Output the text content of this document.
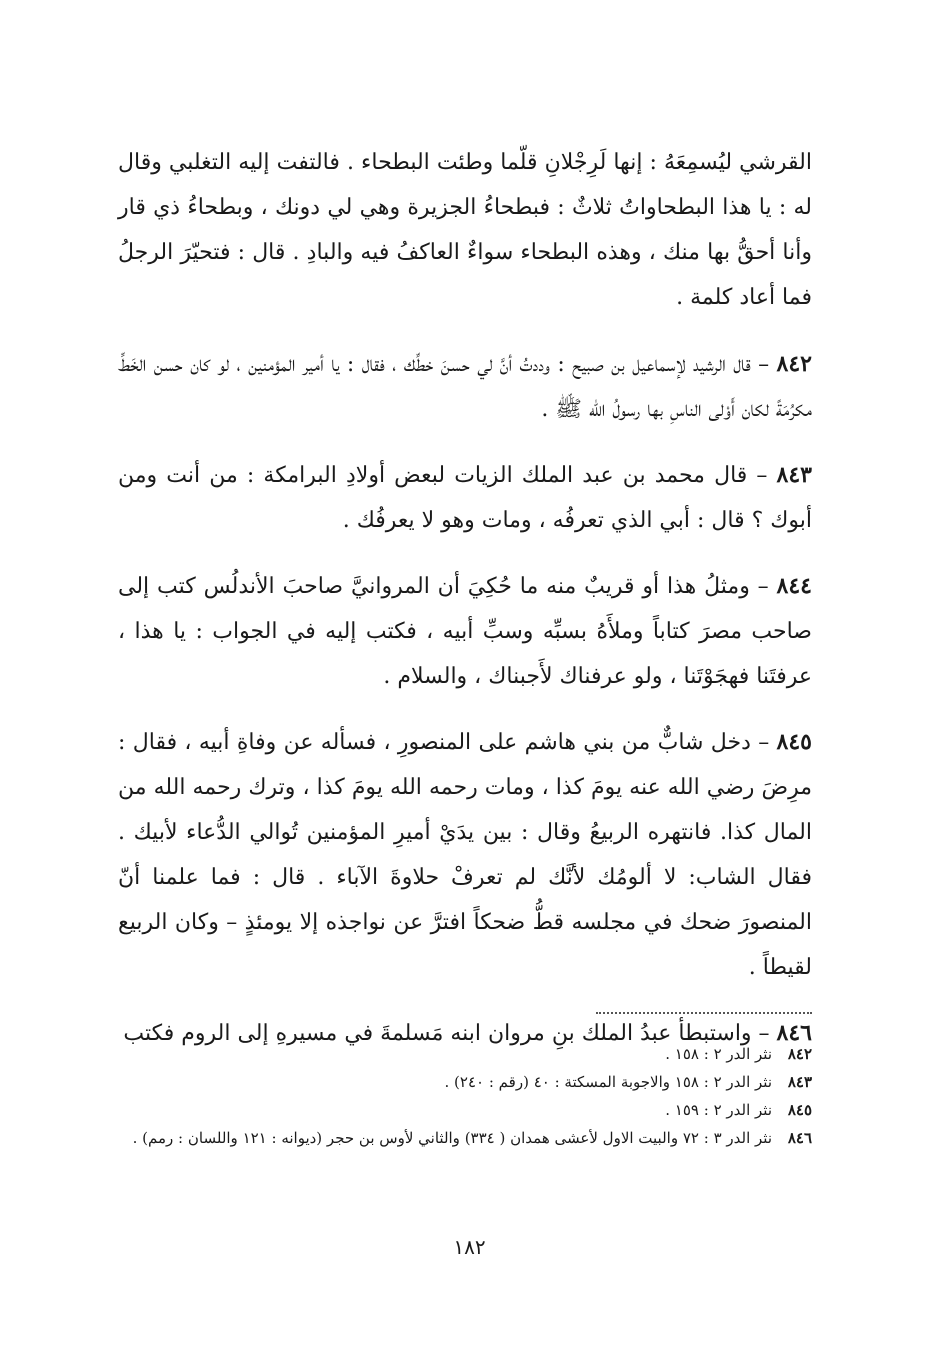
القرشي ليُسمِعَهُ : إنها لَرِجْلانِ قلّما وطئت البطحاء . فالتفت إليه التغلبي وقال له : يا هذا البطحاواتُ ثلاثٌ : فبطحاءُ الجزيرة وهي لي دونك ، وبطحاءُ ذي قار وأنا أحقُّ بها منك ، وهذه البطحاء سواءٌ العاكفُ فيه والبادِ . قال : فتحيّرَ الرجلُ فما أعاد كلمة .

٨٤٢ – قال الرشيد لإسماعيل بن صبيح : وددتُ أنَّ لي حسنَ خطِّك ، فقال : يا أمير المؤمنين ، لو كان حسن الخَطِّ مكرُمَةً لكان أَوْلى الناسِ بها رسولُ الله ﷺ .

٨٤٣ – قال محمد بن عبد الملك الزيات لبعض أولادِ البرامكة : من أنت ومن أبوك ؟ قال : أبي الذي تعرفُه ، ومات وهو لا يعرفُك .

٨٤٤ – ومثلُ هذا أو قريبٌ منه ما حُكِيَ أن المروانيَّ صاحبَ الأندلُس كتب إلى صاحب مصرَ كتاباً وملأَهُ بسبِّه وسبِّ أبيه ، فكتب إليه في الجواب : يا هذا ، عرفتَنا فهجَوْتَنا ، ولو عرفناك لأَجبناك ، والسلام .

٨٤٥ – دخل شابٌّ من بني هاشم على المنصورِ ، فسأله عن وفاةِ أبيه ، فقال : مرِضَ رضي الله عنه يومَ كذا ، ومات رحمه الله يومَ كذا ، وترك رحمه الله من المال كذا. فانتهره الربيعُ وقال : بين يدَيْ أميرِ المؤمنين تُوالي الدُّعاء لأبيك . فقال الشاب: لا ألومُك لأنَّك لم تعرفْ حلاوةَ الآباء . قال : فما علمنا أنّ المنصورَ ضحك في مجلسه قطُّ ضحكاً افترَّ عن نواجذه إلا يومئذٍ – وكان الربيع لقيطاً .

٨٤٦ – واستبطأ عبدُ الملك بنِ مروان ابنه مَسلمةَ في مسيرهِ إلى الروم فكتب

٨٤٢
نثر الدر ٢ : ١٥٨ .
٨٤٣
نثر الدر ٢ : ١٥٨ والاجوبة المسكتة : ٤٠ (رقم : ٢٤٠) .
٨٤٥
نثر الدر ٢ : ١٥٩ .
٨٤٦
نثر الدر ٣ : ٧٢ والبيت الاول لأعشى همدان ( ٣٣٤) والثاني لأوس بن حجر (ديوانه : ١٢١ واللسان : رمم) .
١٨٢
